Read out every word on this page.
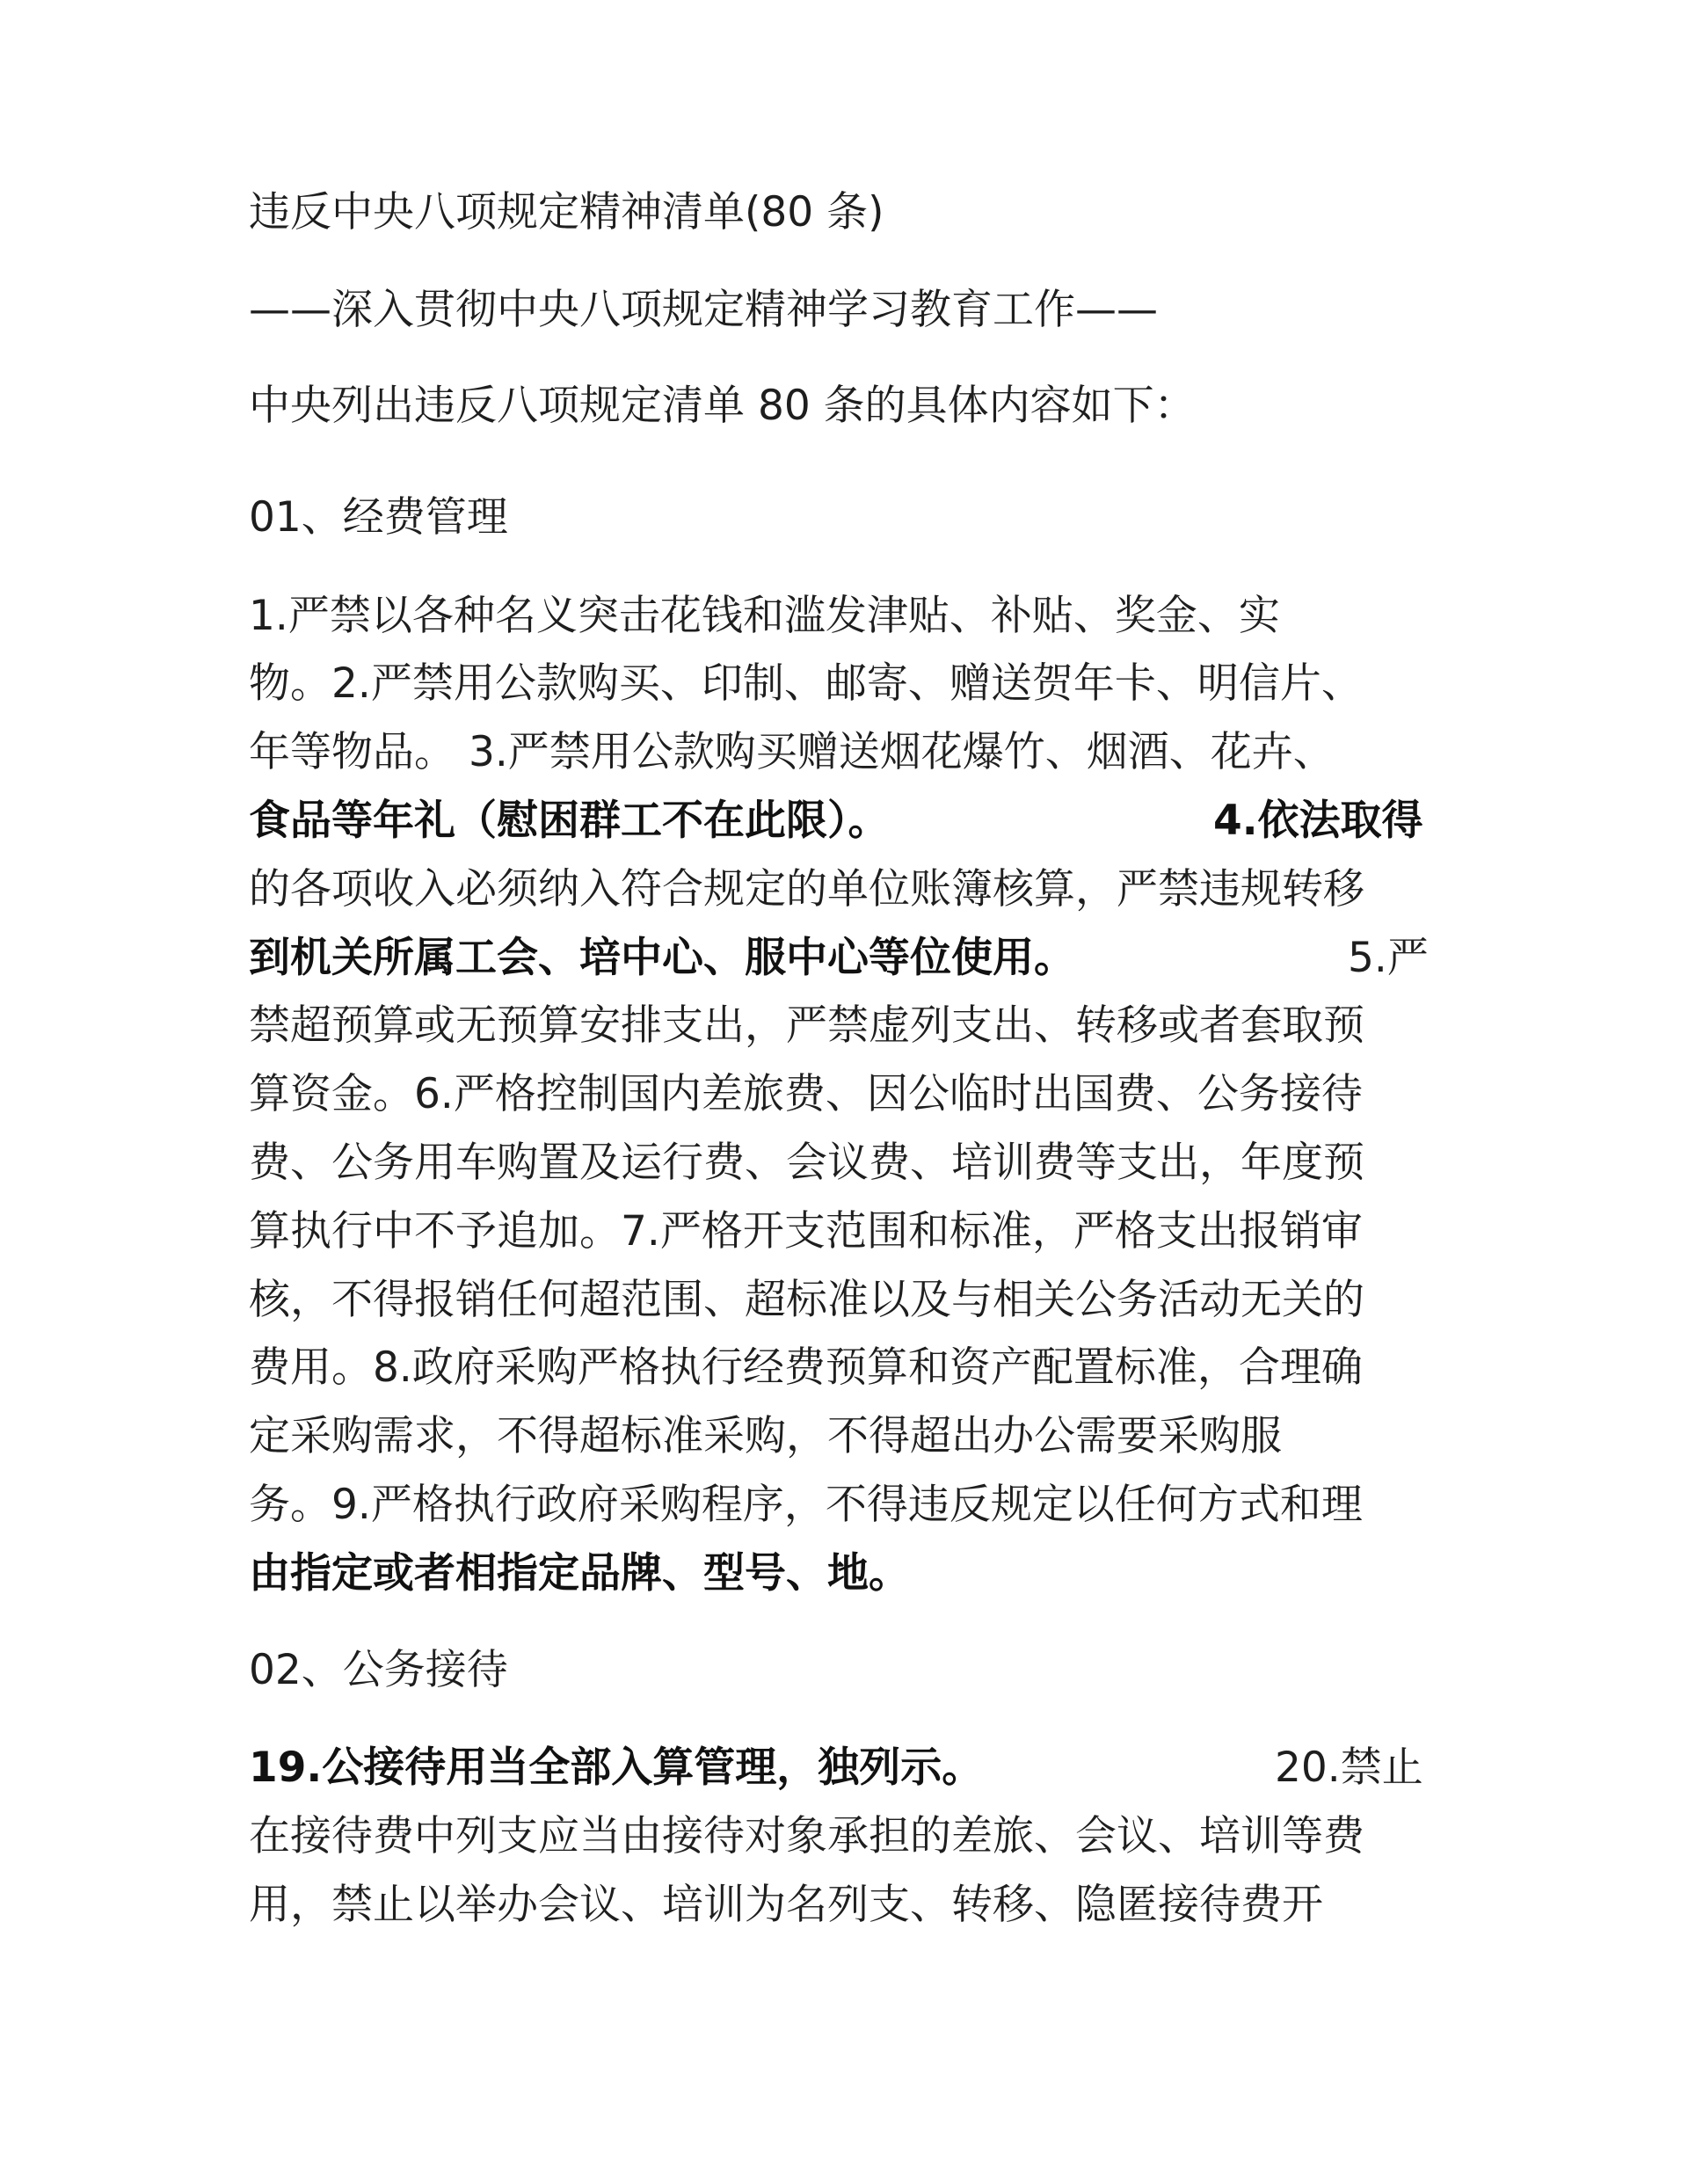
违反中央八项规定精神清单(80 条)
——深入贯彻中央八项规定精神学习教育工作——
中央列出违反八项规定清单 80 条的具体内容如下：
01、经费管理
1.严禁以各种名义突击花钱和滥发津贴、补贴、奖金、实
物。2.严禁用公款购买、印制、邮寄、赠送贺年卡、明信片、
年等物品。 3.严禁用公款购买赠送烟花爆竹、烟酒、花卉、
食品等年礼（慰困群工不在此限）。	4.依法取得
的各项收入必须纳入符合规定的单位账簿核算，严禁违规转移
到机关所属工会、培中心、服中心等位使用。	5.严
禁超预算或无预算安排支出，严禁虚列支出、转移或者套取预
算资金。6.严格控制国内差旅费、因公临时出国费、公务接待
费、公务用车购置及运行费、会议费、培训费等支出，年度预
算执行中不予追加。7.严格开支范围和标准，严格支出报销审
核，不得报销任何超范围、超标准以及与相关公务活动无关的
费用。8.政府采购严格执行经费预算和资产配置标准，合理确
定采购需求，不得超标准采购，不得超出办公需要采购服
务。9.严格执行政府采购程序，不得违反规定以任何方式和理
由指定或者相指定品牌、型号、地。
02、公务接待
19.公接待用当全部入算管理，独列示。	20.禁止
在接待费中列支应当由接待对象承担的差旅、会议、培训等费
用，禁止以举办会议、培训为名列支、转移、隐匿接待费开
